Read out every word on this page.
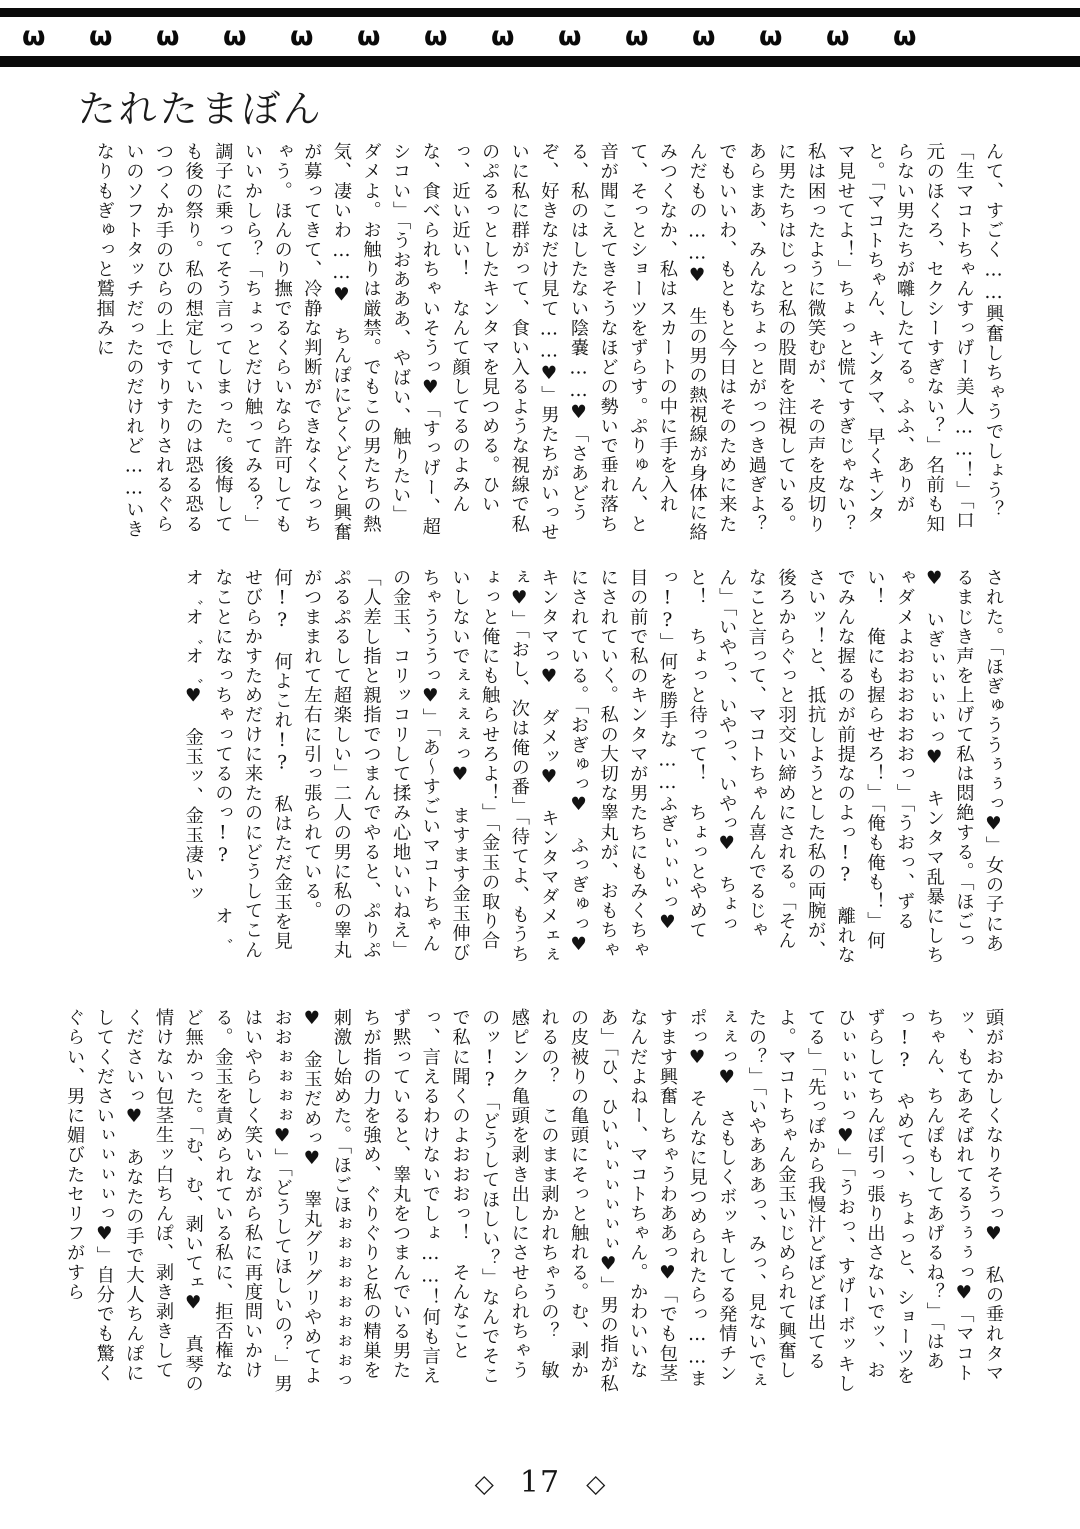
ω	ω	ω	ω	ω	ω	ω	ω	ω	ω	ω	ω	ω	ω
たれたまぼん

んて、すごく……興奮しちゃうでしょう？「生マコトちゃんすっげー美人……！」「口元のほくろ、セクシーすぎない？」名前も知らない男たちが囃したてる。ふふ、ありがと。「マコトちゃん、キンタマ、早くキンタマ見せてよ！」ちょっと慌てすぎじゃない？　私は困ったように微笑むが、その声を皮切りに男たちはじっと私の股間を注視している。あらまあ、みんなちょっとがっつき過ぎよ？でもいいわ、もともと今日はそのために来たんだもの……♥　生の男の熱視線が身体に絡みつくなか、私はスカートの中に手を入れて、そっとショーツをずらす。ぷりゅん、と音が聞こえてきそうなほどの勢いで垂れ落ちる、私のはしたない陰嚢……♥「さあどうぞ、好きなだけ見て……♥」男たちがいっせいに私に群がって、食い入るような視線で私のぷるっとしたキンタマを見つめる。ひいっ、近い近い！　なんて顔してるのよみんな、食べられちゃいそうっ♥「すっげー、超シコい」「うおあああ、やばい、触りたい」ダメよ。お触りは厳禁。でもこの男たちの熱気、凄いわ……♥　ちんぽにどくどくと興奮が募ってきて、冷静な判断ができなくなっちゃう。ほんのり撫でるくらいなら許可してもいいかしら？「ちょっとだけ触ってみる？」調子に乗ってそう言ってしまった。後悔しても後の祭り。私の想定していたのは恐る恐るつつくか手のひらの上ですりすりされるぐらいのソフトタッチだったのだけれど……いきなりもぎゅっと鷲掴みに

された。「ほぎゅううぅぅっ♥」女の子にあるまじき声を上げて私は悶絶する。「ほごっ♥　いぎぃぃぃぃっ♥　キンタマ乱暴にしちゃダメよおおおおおおっ」「うおっ、ずるい！　俺にも握らせろ！」「俺も俺も！」何でみんな握るのが前提なのよっ!?　離れなさいッ！と、抵抗しようとした私の両腕が、後ろからぐっと羽交い締めにされる。「そんなこと言って、マコトちゃん喜んでるじゃん」「いやっ、いやっ、いやっ♥　ちょっと！　ちょっと待って！　ちょっとやめてっ!?」何を勝手な……ふぎぃぃぃっ♥　目の前で私のキンタマが男たちにもみくちゃにされていく。私の大切な睾丸が、おもちゃにされている。「おぎゅっ♥　ふっぎゅっ♥　キンタマっ♥　ダメッ♥　キンタマダメェぇぇ♥」「おし、次は俺の番」「待てよ、もうちょっと俺にも触らせろよ！」「金玉の取り合いしないでぇぇぇぇっ♥　ますます金玉伸びちゃうううっ♥」「あ〜すごいマコトちゃんの金玉、コリッコリして揉み心地いいねえ」「人差し指と親指でつまんでやると、ぷりぷぷるぷるして超楽しい」二人の男に私の睾丸がつままれて左右に引っ張られている。何!?　何よこれ!?　私はただ金玉を見せびらかすためだけに来たのにどうしてこんなことになっちゃってるのっ!?　　オ゛オ゛オ゛オ゛♥　金玉ッ、金玉凄いッ

頭がおかしくなりそうっ♥　私の垂れタマッ、もてあそばれてるうぅぅっ♥「マコトちゃん、ちんぽもしてあげるね？」「はあっ!?　やめてっ、ちょっと、ショーツをずらしてちんぽ引っ張り出さないでッ、おひぃぃぃぃっ♥」「うおっ、すげーボッキしてる」「先っぽから我慢汁どぼどぼ出てるよ。マコトちゃん金玉いじめられて興奮したの？」「いやあああっ、みっ、見ないでぇぇぇっ♥　さもしくボッキしてる発情チンポっ♥　そんなに見つめられたらっ……ますます興奮しちゃうわああっ♥「でも包茎なんだよねー、マコトちゃん。かわいいなあ」「ひ、ひいぃぃぃぃぃぃ♥」男の指が私の皮被りの亀頭にそっと触れる。む、剥かれるの？　このまま剥かれちゃうの？　敏感ピンク亀頭を剥き出しにさせられちゃうのッ!?「どうしてほしい？」なんでそこで私に聞くのよおおおっ！　そんなことっ、言えるわけないでしょ……！何も言えず黙っていると、睾丸をつまんでいる男たちが指の力を強め、ぐりぐりと私の精巣を刺激し始めた。「ほごほぉぉぉぉぉぉぉぉっ♥　金玉だめっ♥　睾丸グリグリやめてよおおぉぉぉぉ♥」「どうしてほしいの？」男はいやらしく笑いながら私に再度問いかける。金玉を責められている私に、拒否権など無かった。「む、む、剥いてェ♥　真琴の情けない包茎生ッ白ちんぽ、剥き剥きしてくださいっ♥　あなたの手で大人ちんぽにしてくださいぃぃぃぃっ♥」自分でも驚くぐらい、男に媚びたセリフがすら

◇ 17 ◇
